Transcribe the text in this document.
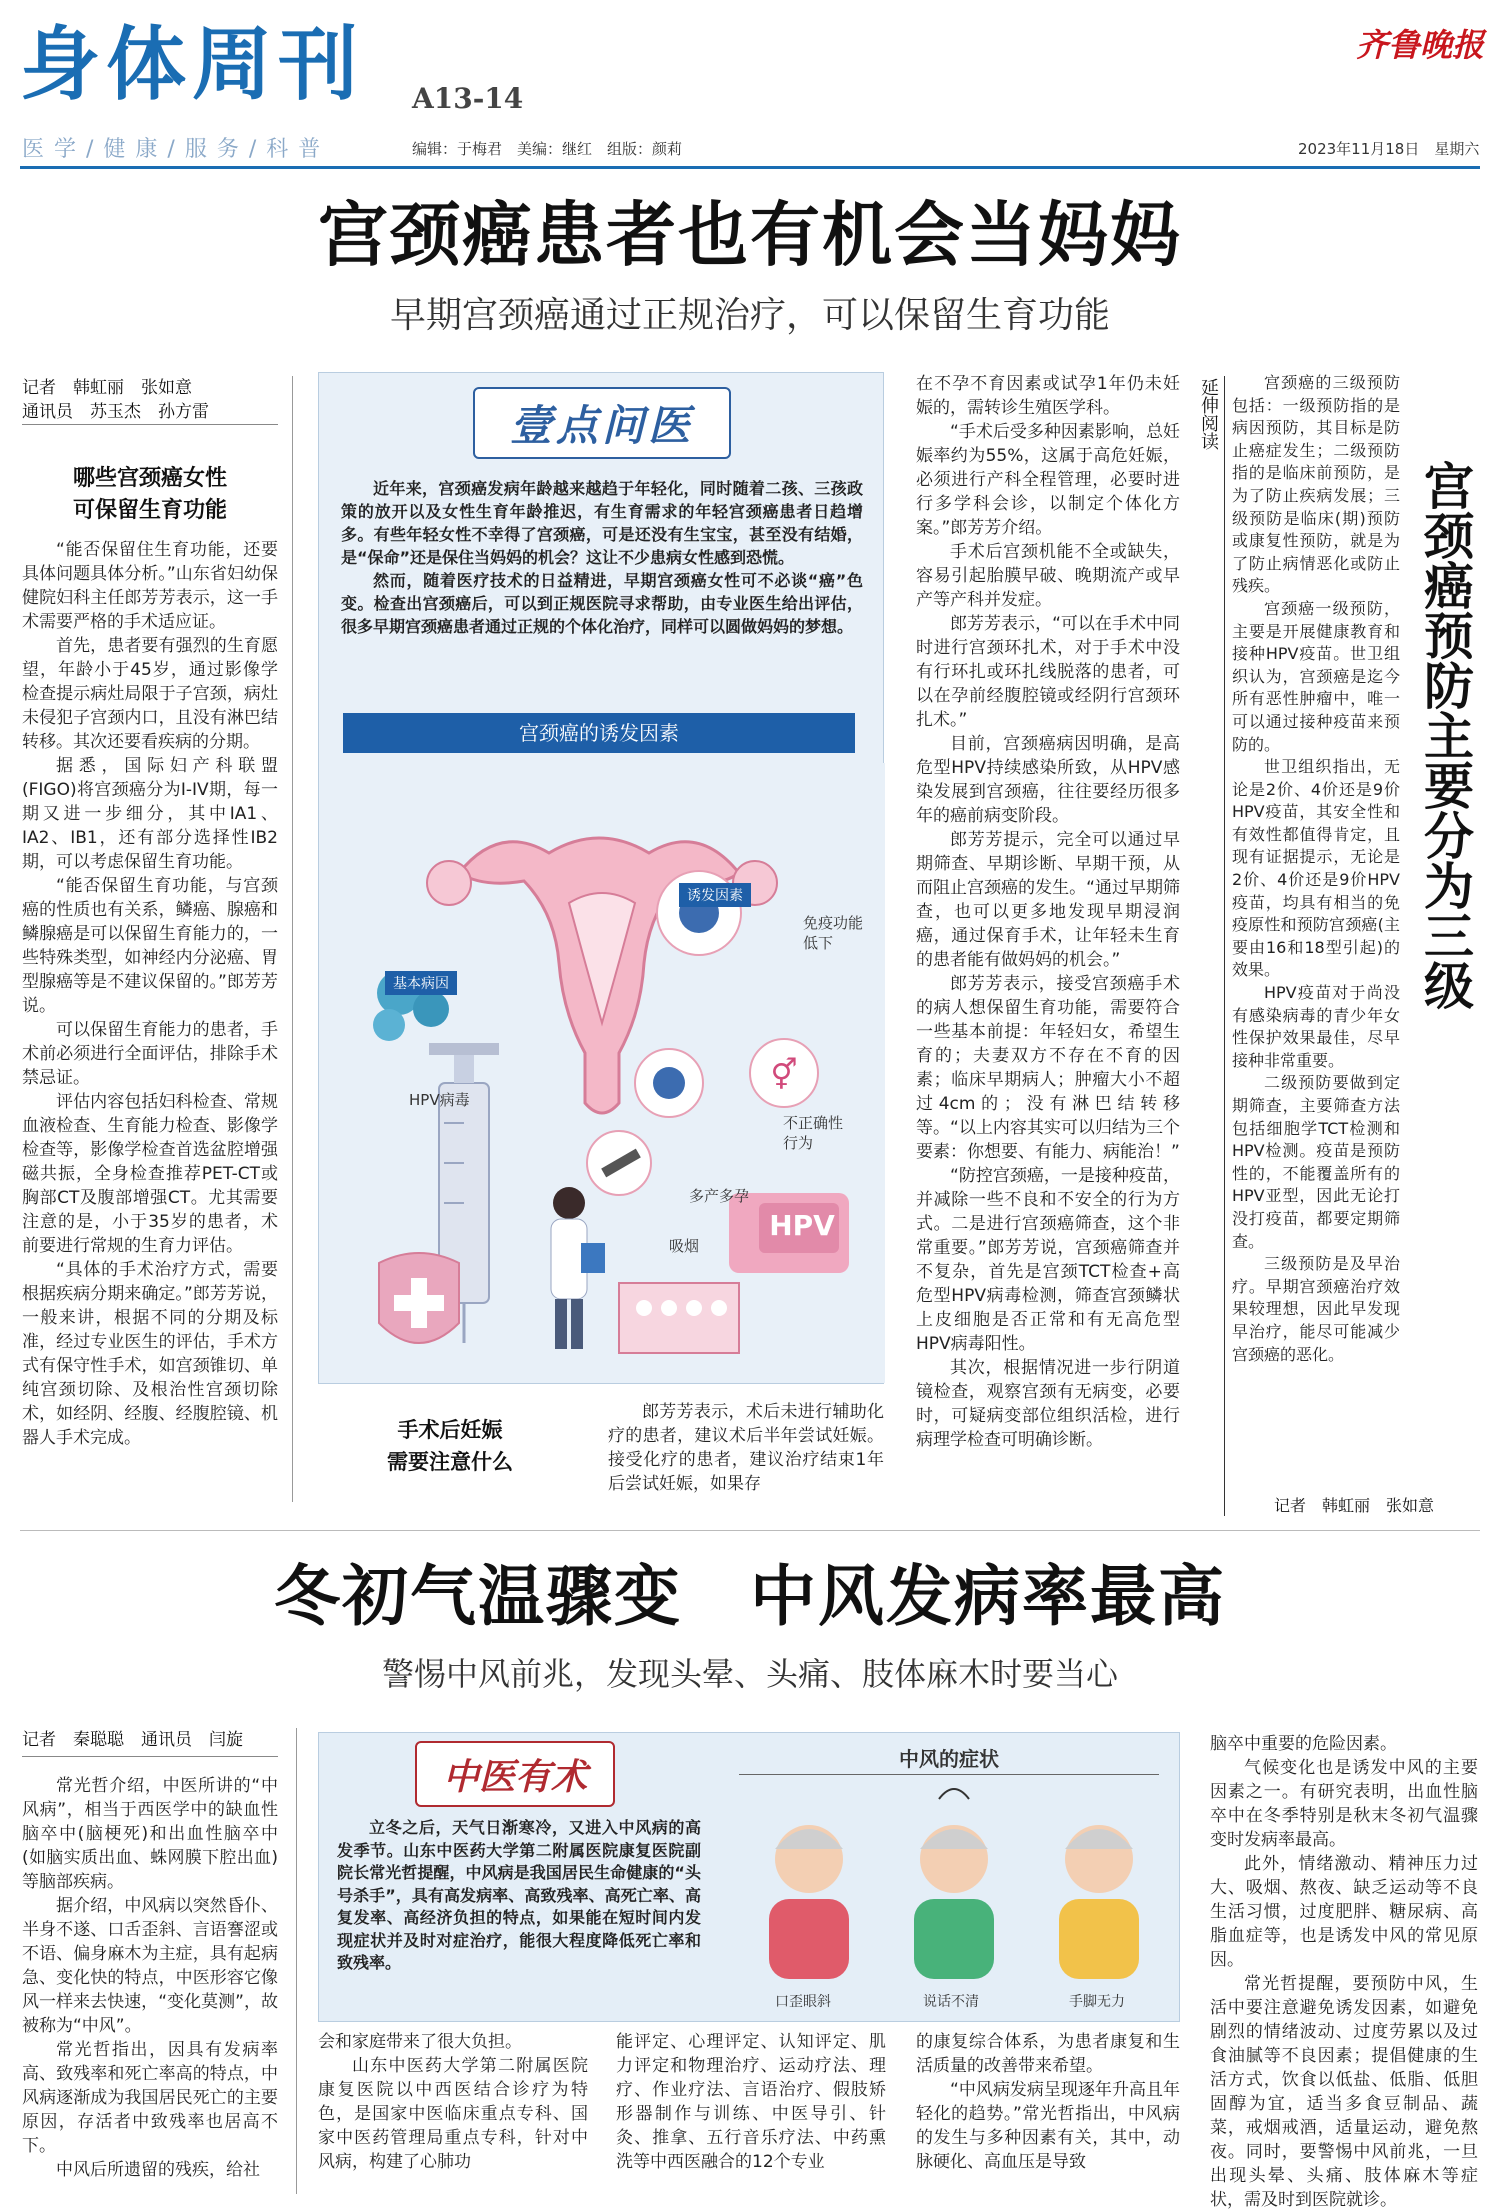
身体周刊 A13-14
医学/健康/服务/科普	编辑：于梅君　美编：继红　组版：颜莉	2023年11月18日　星期六
齐鲁晚报
宫颈癌患者也有机会当妈妈
早期宫颈癌通过正规治疗，可以保留生育功能
记者　韩虹丽　张如意
通讯员　苏玉杰　孙方雷
哪些宫颈癌女性
可保留生育功能

“能否保留住生育功能，还要具体问题具体分析。”山东省妇幼保健院妇科主任郎芳芳表示，这一手术需要严格的手术适应证。

首先，患者要有强烈的生育愿望，年龄小于45岁，通过影像学检查提示病灶局限于子宫颈，病灶未侵犯子宫颈内口，且没有淋巴结转移。其次还要看疾病的分期。

据悉，国际妇产科联盟(FIGO)将宫颈癌分为I-IV期，每一期又进一步细分，其中IA1、IA2、IB1，还有部分选择性IB2期，可以考虑保留生育功能。

“能否保留生育功能，与宫颈癌的性质也有关系，鳞癌、腺癌和鳞腺癌是可以保留生育能力的，一些特殊类型，如神经内分泌癌、胃型腺癌等是不建议保留的。”郎芳芳说。

可以保留生育能力的患者，手术前必须进行全面评估，排除手术禁忌证。

评估内容包括妇科检查、常规血液检查、生育能力检查、影像学检查等，影像学检查首选盆腔增强磁共振，全身检查推荐PET-CT或胸部CT及腹部增强CT。尤其需要注意的是，小于35岁的患者，术前要进行常规的生育力评估。

“具体的手术治疗方式，需要根据疾病分期来确定。”郎芳芳说，一般来讲，根据不同的分期及标准，经过专业医生的评估，手术方式有保守性手术，如宫颈锥切、单纯宫颈切除、及根治性宫颈切除术，如经阴、经腹、经腹腔镜、机器人手术完成。

壹点问医

近年来，宫颈癌发病年龄越来越趋于年轻化，同时随着二孩、三孩政策的放开以及女性生育年龄推迟，有生育需求的年轻宫颈癌患者日趋增多。有些年轻女性不幸得了宫颈癌，可是还没有生宝宝，甚至没有结婚，是“保命”还是保住当妈妈的机会？这让不少患病女性感到恐慌。

然而，随着医疗技术的日益精进，早期宫颈癌女性可不必谈“癌”色变。检查出宫颈癌后，可以到正规医院寻求帮助，由专业医生给出评估，很多早期宫颈癌患者通过正规的个体化治疗，同样可以圆做妈妈的梦想。

宫颈癌的诱发因素
⚥
基本病因
诱发因素
免疫功能低下
不正确性行为
多产多孕
吸烟
HPV病毒
HPV
手术后妊娠
需要注意什么

郎芳芳表示，术后未进行辅助化疗的患者，建议术后半年尝试妊娠。接受化疗的患者，建议治疗结束1年后尝试妊娠，如果存

在不孕不育因素或试孕1年仍未妊娠的，需转诊生殖医学科。

“手术后受多种因素影响，总妊娠率约为55%，这属于高危妊娠，必须进行产科全程管理，必要时进行多学科会诊，以制定个体化方案。”郎芳芳介绍。

手术后宫颈机能不全或缺失，容易引起胎膜早破、晚期流产或早产等产科并发症。

郎芳芳表示，“可以在手术中同时进行宫颈环扎术，对于手术中没有行环扎或环扎线脱落的患者，可以在孕前经腹腔镜或经阴行宫颈环扎术。”

目前，宫颈癌病因明确，是高危型HPV持续感染所致，从HPV感染发展到宫颈癌，往往要经历很多年的癌前病变阶段。

郎芳芳提示，完全可以通过早期筛查、早期诊断、早期干预，从而阻止宫颈癌的发生。“通过早期筛查，也可以更多地发现早期浸润癌，通过保育手术，让年轻未生育的患者能有做妈妈的机会。”

郎芳芳表示，接受宫颈癌手术的病人想保留生育功能，需要符合一些基本前提：年轻妇女，希望生育的；夫妻双方不存在不育的因素；临床早期病人；肿瘤大小不超过4cm的；没有淋巴结转移等。“以上内容其实可以归结为三个要素：你想要、有能力、病能治！”

“防控宫颈癌，一是接种疫苗，并减除一些不良和不安全的行为方式。二是进行宫颈癌筛查，这个非常重要。”郎芳芳说，宫颈癌筛查并不复杂，首先是宫颈TCT检查+高危型HPV病毒检测，筛查宫颈鳞状上皮细胞是否正常和有无高危型HPV病毒阳性。

其次，根据情况进一步行阴道镜检查，观察宫颈有无病变，必要时，可疑病变部位组织活检，进行病理学检查可明确诊断。

延伸阅读	宫颈癌的三级预防包括：一级预防指的是病因预防，其目标是防止癌症发生；二级预防指的是临床前预防，是为了防止疾病发展；三级预防是临床(期)预防或康复性预防，就是为了防止病情恶化或防止残疾。

宫颈癌一级预防，主要是开展健康教育和接种HPV疫苗。世卫组织认为，宫颈癌是迄今所有恶性肿瘤中，唯一可以通过接种疫苗来预防的。

世卫组织指出，无论是2价、4价还是9价HPV疫苗，其安全性和有效性都值得肯定，且现有证据提示，无论是2价、4价还是9价HPV疫苗，均具有相当的免疫原性和预防宫颈癌(主要由16和18型引起)的效果。

HPV疫苗对于尚没有感染病毒的青少年女性保护效果最佳，尽早接种非常重要。

二级预防要做到定期筛查，主要筛查方法包括细胞学TCT检测和HPV检测。疫苗是预防性的，不能覆盖所有的HPV亚型，因此无论打没打疫苗，都要定期筛查。

三级预防是及早治疗。早期宫颈癌治疗效果较理想，因此早发现早治疗，能尽可能减少宫颈癌的恶化。

宫颈癌预防主要分为三级
记者　韩虹丽　张如意
冬初气温骤变　中风发病率最高
警惕中风前兆，发现头晕、头痛、肢体麻木时要当心
记者　秦聪聪　通讯员　闫旋

常光哲介绍，中医所讲的“中风病”，相当于西医学中的缺血性脑卒中(脑梗死)和出血性脑卒中(如脑实质出血、蛛网膜下腔出血)等脑部疾病。

据介绍，中风病以突然昏仆、半身不遂、口舌歪斜、言语謇涩或不语、偏身麻木为主症，具有起病急、变化快的特点，中医形容它像风一样来去快速，“变化莫测”，故被称为“中风”。

常光哲指出，因具有发病率高、致残率和死亡率高的特点，中风病逐渐成为我国居民死亡的主要原因，存活者中致残率也居高不下。

中风后所遗留的残疾，给社

中医有术

立冬之后，天气日渐寒冷，又进入中风病的高发季节。山东中医药大学第二附属医院康复医院副院长常光哲提醒，中风病是我国居民生命健康的“头号杀手”，具有高发病率、高致残率、高死亡率、高复发率、高经济负担的特点，如果能在短时间内发现症状并及时对症治疗，能很大程度降低死亡率和致残率。

中风的症状
口歪眼斜	说话不清	手脚无力

会和家庭带来了很大负担。

山东中医药大学第二附属医院康复医院以中西医结合诊疗为特色，是国家中医临床重点专科、国家中医药管理局重点专科，针对中风病，构建了心肺功

能评定、心理评定、认知评定、肌力评定和物理治疗、运动疗法、理疗、作业疗法、言语治疗、假肢矫形器制作与训练、中医导引、针灸、推拿、五行音乐疗法、中药熏洗等中西医融合的12个专业

的康复综合体系，为患者康复和生活质量的改善带来希望。

“中风病发病呈现逐年升高且年轻化的趋势。”常光哲指出，中风病的发生与多种因素有关，其中，动脉硬化、高血压是导致

脑卒中重要的危险因素。

气候变化也是诱发中风的主要因素之一。有研究表明，出血性脑卒中在冬季特别是秋末冬初气温骤变时发病率最高。

此外，情绪激动、精神压力过大、吸烟、熬夜、缺乏运动等不良生活习惯，过度肥胖、糖尿病、高脂血症等，也是诱发中风的常见原因。

常光哲提醒，要预防中风，生活中要注意避免诱发因素，如避免剧烈的情绪波动、过度劳累以及过食油腻等不良因素；提倡健康的生活方式，饮食以低盐、低脂、低胆固醇为宜，适当多食豆制品、蔬菜，戒烟戒酒，适量运动，避免熬夜。同时，要警惕中风前兆，一旦出现头晕、头痛、肢体麻木等症状，需及时到医院就诊。
